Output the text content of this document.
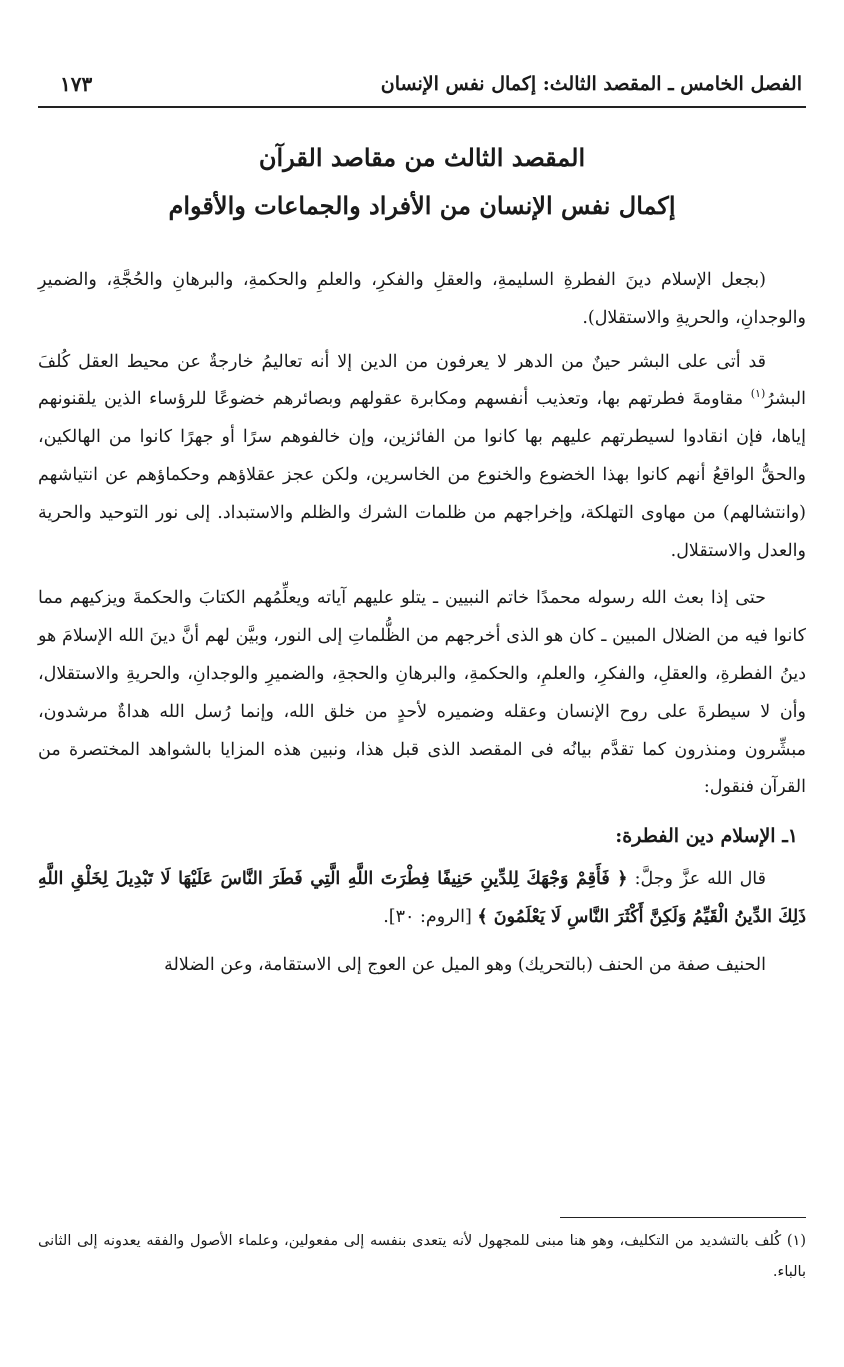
الفصل الخامس ـ المقصد الثالث: إكمال نفس الإنسان
١٧٣
المقصد الثالث من مقاصد القرآن
إكمال نفس الإنسان من الأفراد والجماعات والأقوام

(بجعل الإسلام دينَ الفطرةِ السليمةِ، والعقلِ والفكرِ، والعلمِ والحكمةِ، والبرهانِ والحُجَّةِ، والضميرِ والوجدانِ، والحريةِ والاستقلال).

قد أتى على البشر حينٌ من الدهر لا يعرفون من الدين إلا أنه تعاليمُ خارجةٌ عن محيط العقل كُلفَ البشرُ$^{(١)}$ مقاومةَ فطرتهم بها، وتعذيب أنفسهم ومكابرة عقولهم وبصائرهم خضوعًا للرؤساء الذين يلقنونهم إياها، فإن انقادوا لسيطرتهم عليهم بها كانوا من الفائزين، وإن خالفوهم سرًا أو جهرًا كانوا من الهالكين، والحقُّ الواقعُ أنهم كانوا بهذا الخضوع والخنوع من الخاسرين، ولكن عجز عقلاؤهم وحكماؤهم عن انتياشهم (وانتشالهم) من مهاوى التهلكة، وإخراجهم من ظلمات الشرك والظلم والاستبداد. إلى نور التوحيد والحرية والعدل والاستقلال.

حتى إذا بعث الله رسوله محمدًا خاتم النبيين ـ يتلو عليهم آياته ويعلِّمُهم الكتابَ والحكمةَ ويزكيهم مما كانوا فيه من الضلال المبين ـ كان هو الذى أخرجهم من الظُّلماتِ إلى النور، وبيَّن لهم أنَّ دينَ الله الإسلامَ هو دينُ الفطرةِ، والعقلِ، والفكرِ، والعلمِ، والحكمةِ، والبرهانِ والحجةِ، والضميرِ والوجدانِ، والحريةِ والاستقلال، وأن لا سيطرةَ على روح الإنسان وعقله وضميره لأحدٍ من خلق الله، وإنما رُسل الله هداةٌ مرشدون، مبشِّرون ومنذرون كما تقدَّم بيانُه فى المقصد الذى قبل هذا، ونبين هذه المزايا بالشواهد المختصرة من القرآن فنقول:

١ـ الإسلام دين الفطرة:

قال الله عزَّ وجلَّ: ﴿ فَأَقِمْ وَجْهَكَ لِلدِّينِ حَنِيفًا فِطْرَتَ اللَّهِ الَّتِي فَطَرَ النَّاسَ عَلَيْهَا لَا تَبْدِيلَ لِخَلْقِ اللَّهِ ذَلِكَ الدِّينُ الْقَيِّمُ وَلَكِنَّ أَكْثَرَ النَّاسِ لَا يَعْلَمُونَ ﴾ [الروم: ٣٠].

الحنيف صفة من الحنف (بالتحريك) وهو الميل عن العوج إلى الاستقامة، وعن الضلالة

(١) كُلف بالتشديد من التكليف، وهو هنا مبنى للمجهول لأنه يتعدى بنفسه إلى مفعولين، وعلماء الأصول والفقه يعدونه إلى الثانى بالباء.
